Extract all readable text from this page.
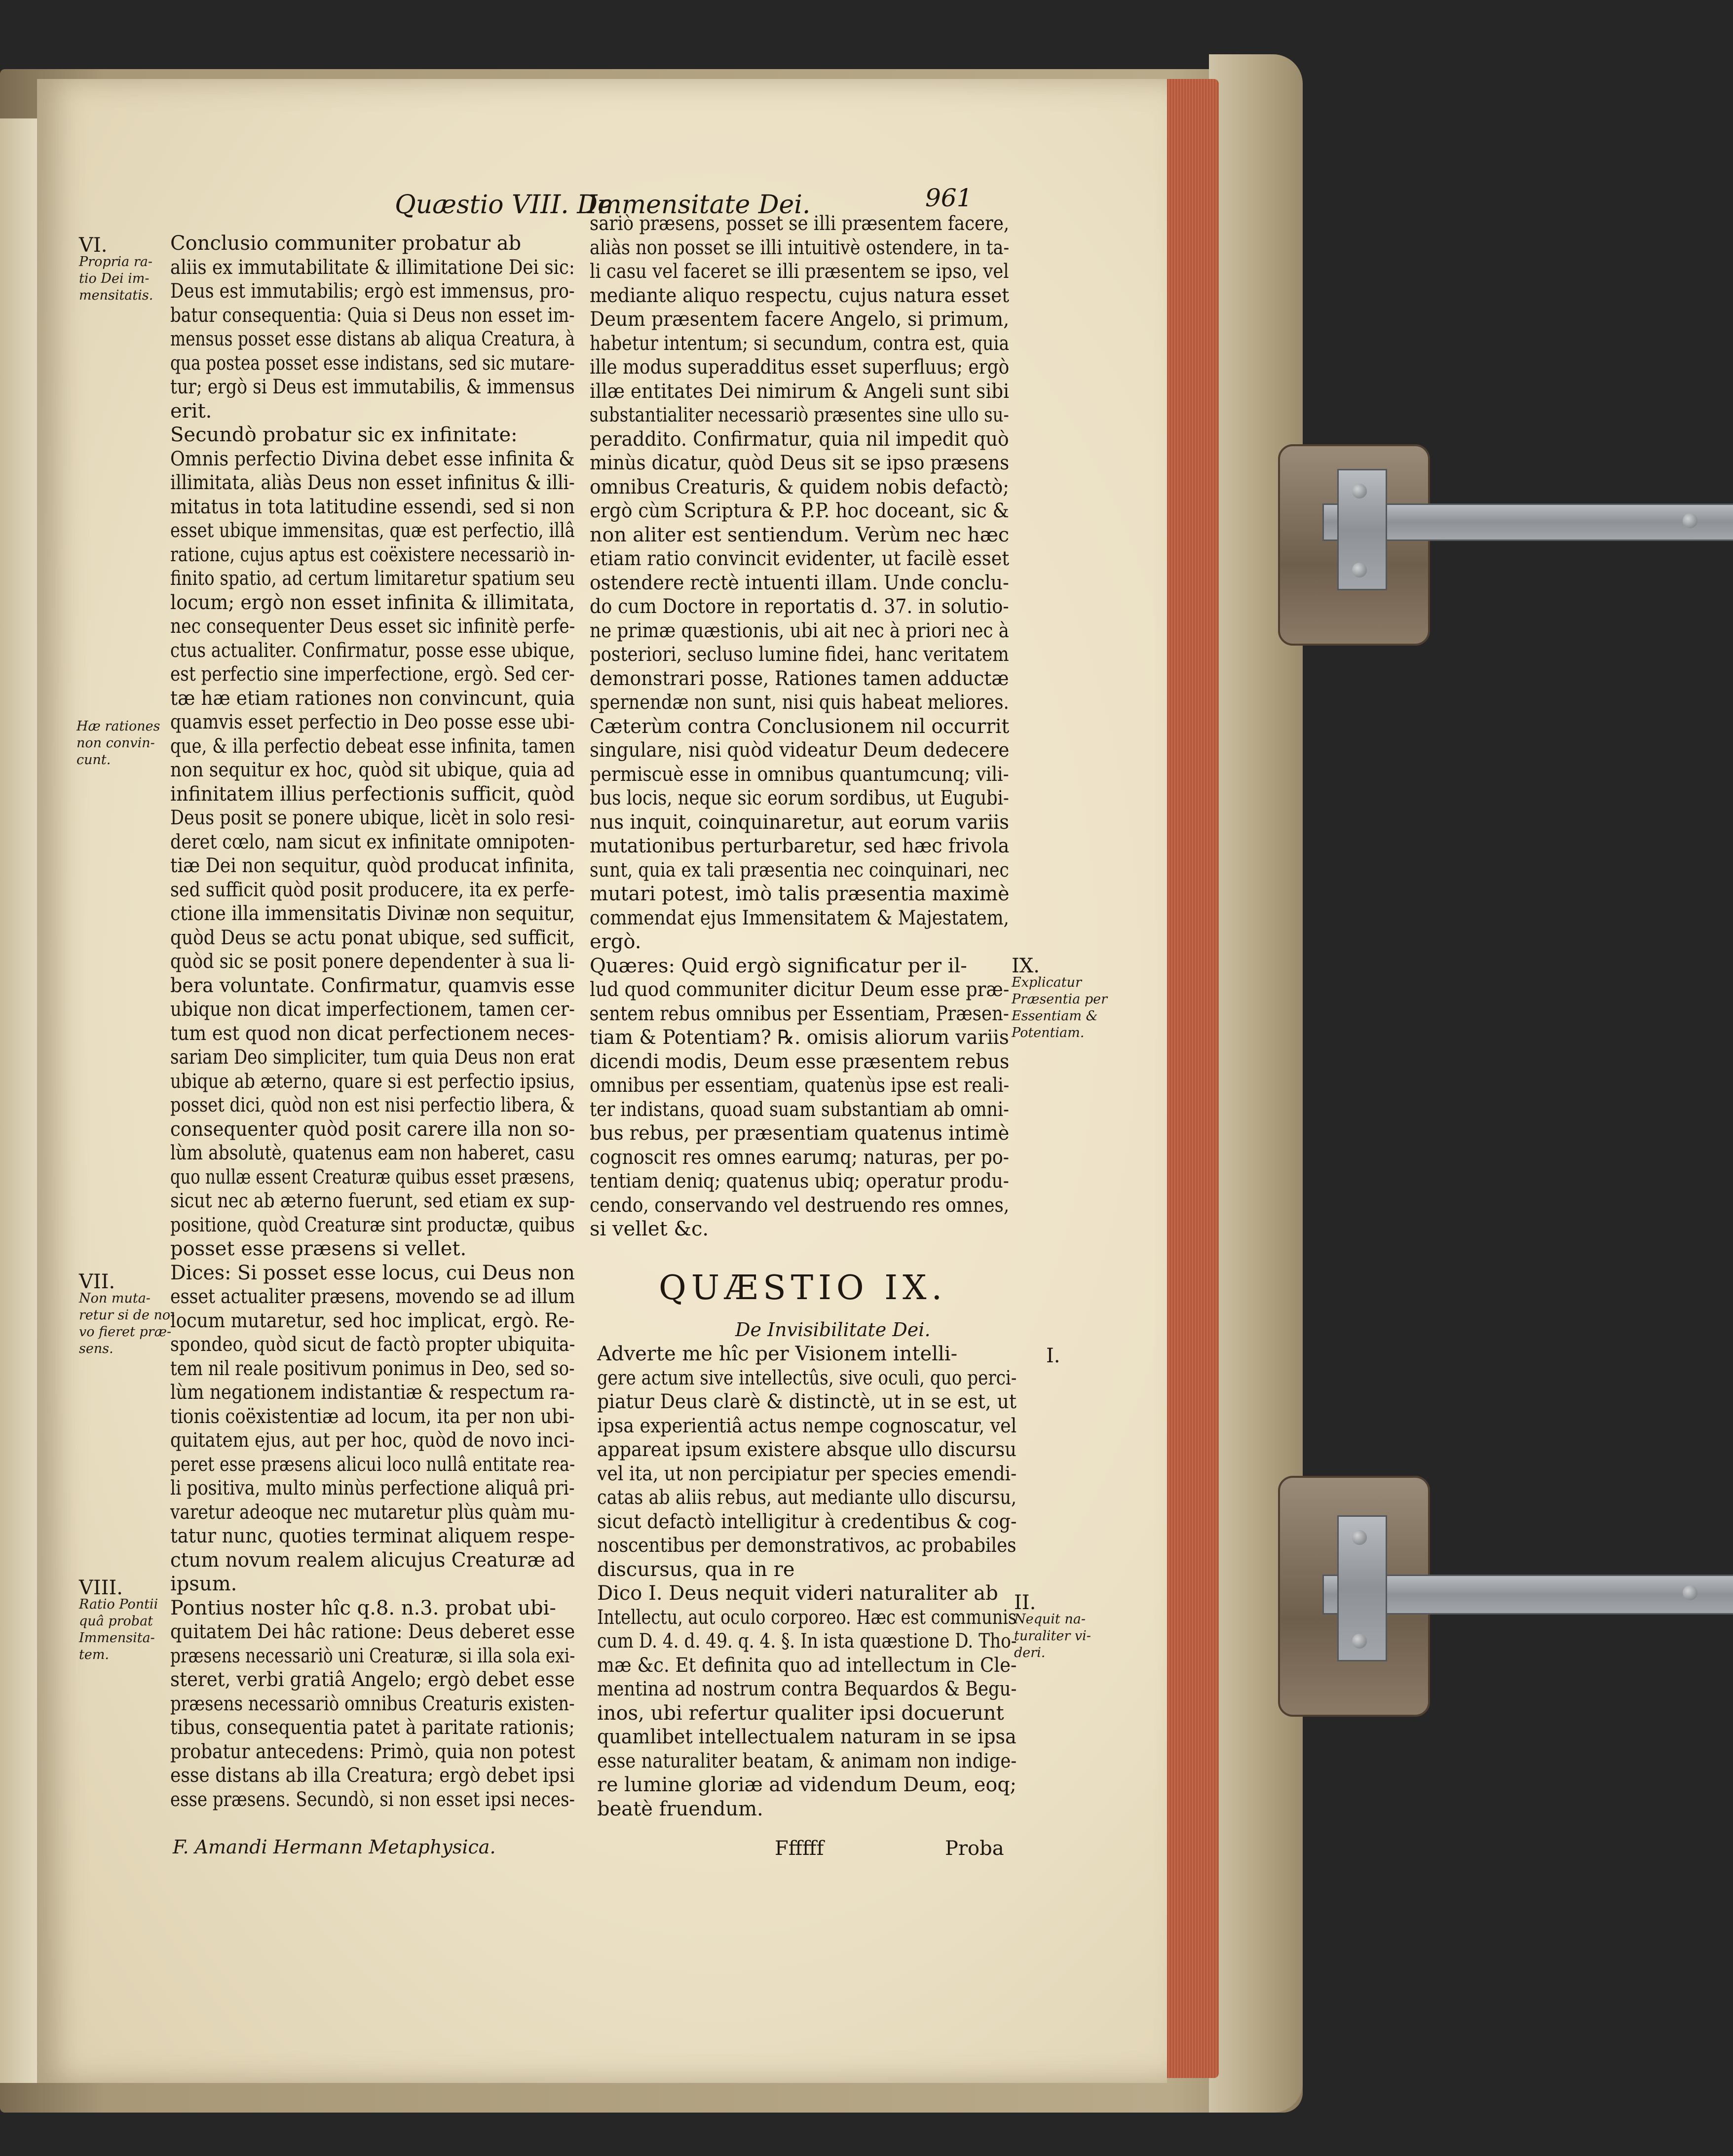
Quæstio VIII. De
Immensitate Dei.	961
Conclusio communiter probatur ab
aliis ex immutabilitate & illimitatione Dei sic:
Deus est immutabilis; ergò est immensus, pro-
batur consequentia: Quia si Deus non esset im-
mensus posset esse distans ab aliqua Creatura, à
qua postea posset esse indistans, sed sic mutare-
tur; ergò si Deus est immutabilis, & immensus
erit.
Secundò probatur sic ex infinitate:
Omnis perfectio Divina debet esse infinita &
illimitata, aliàs Deus non esset infinitus & illi-
mitatus in tota latitudine essendi, sed si non
esset ubique immensitas, quæ est perfectio, illâ
ratione, cujus aptus est coëxistere necessariò in-
finito spatio, ad certum limitaretur spatium seu
locum; ergò non esset infinita & illimitata,
nec consequenter Deus esset sic infinitè perfe-
ctus actualiter. Confirmatur, posse esse ubique,
est perfectio sine imperfectione, ergò. Sed cer-
tæ hæ etiam rationes non convincunt, quia
quamvis esset perfectio in Deo posse esse ubi-
que, & illa perfectio debeat esse infinita, tamen
non sequitur ex hoc, quòd sit ubique, quia ad
infinitatem illius perfectionis sufficit, quòd
Deus posit se ponere ubique, licèt in solo resi-
deret cœlo, nam sicut ex infinitate omnipoten-
tiæ Dei non sequitur, quòd producat infinita,
sed sufficit quòd posit producere, ita ex perfe-
ctione illa immensitatis Divinæ non sequitur,
quòd Deus se actu ponat ubique, sed sufficit,
quòd sic se posit ponere dependenter à sua li-
bera voluntate. Confirmatur, quamvis esse
ubique non dicat imperfectionem, tamen cer-
tum est quod non dicat perfectionem neces-
sariam Deo simpliciter, tum quia Deus non erat
ubique ab æterno, quare si est perfectio ipsius,
posset dici, quòd non est nisi perfectio libera, &
consequenter quòd posit carere illa non so-
lùm absolutè, quatenus eam non haberet, casu
quo nullæ essent Creaturæ quibus esset præsens,
sicut nec ab æterno fuerunt, sed etiam ex sup-
positione, quòd Creaturæ sint productæ, quibus
posset esse præsens si vellet.
Dices: Si posset esse locus, cui Deus non
esset actualiter præsens, movendo se ad illum
locum mutaretur, sed hoc implicat, ergò. Re-
spondeo, quòd sicut de factò propter ubiquita-
tem nil reale positivum ponimus in Deo, sed so-
lùm negationem indistantiæ & respectum ra-
tionis coëxistentiæ ad locum, ita per non ubi-
quitatem ejus, aut per hoc, quòd de novo inci-
peret esse præsens alicui loco nullâ entitate rea-
li positiva, multo minùs perfectione aliquâ pri-
varetur adeoque nec mutaretur plùs quàm mu-
tatur nunc, quoties terminat aliquem respe-
ctum novum realem alicujus Creaturæ ad
ipsum.
Pontius noster hîc q.8. n.3. probat ubi-
quitatem Dei hâc ratione: Deus deberet esse
præsens necessariò uni Creaturæ, si illa sola exi-
steret, verbi gratiâ Angelo; ergò debet esse
præsens necessariò omnibus Creaturis existen-
tibus, consequentia patet à paritate rationis;
probatur antecedens: Primò, quia non potest
esse distans ab illa Creatura; ergò debet ipsi
esse præsens. Secundò, si non esset ipsi neces-
sariò præsens, posset se illi præsentem facere,
aliàs non posset se illi intuitivè ostendere, in ta-
li casu vel faceret se illi præsentem se ipso, vel
mediante aliquo respectu, cujus natura esset
Deum præsentem facere Angelo, si primum,
habetur intentum; si secundum, contra est, quia
ille modus superadditus esset superfluus; ergò
illæ entitates Dei nimirum & Angeli sunt sibi
substantialiter necessariò præsentes sine ullo su-
peraddito. Confirmatur, quia nil impedit quò
minùs dicatur, quòd Deus sit se ipso præsens
omnibus Creaturis, & quidem nobis defactò;
ergò cùm Scriptura & P.P. hoc doceant, sic &
non aliter est sentiendum. Verùm nec hæc
etiam ratio convincit evidenter, ut facilè esset
ostendere rectè intuenti illam. Unde conclu-
do cum Doctore in reportatis d. 37. in solutio-
ne primæ quæstionis, ubi ait nec à priori nec à
posteriori, secluso lumine fidei, hanc veritatem
demonstrari posse, Rationes tamen adductæ
spernendæ non sunt, nisi quis habeat meliores.
Cæterùm contra Conclusionem nil occurrit
singulare, nisi quòd videatur Deum dedecere
permiscuè esse in omnibus quantumcunq; vili-
bus locis, neque sic eorum sordibus, ut Eugubi-
nus inquit, coinquinaretur, aut eorum variis
mutationibus perturbaretur, sed hæc frivola
sunt, quia ex tali præsentia nec coinquinari, nec
mutari potest, imò talis præsentia maximè
commendat ejus Immensitatem & Majestatem,
ergò.
Quæres: Quid ergò significatur per il-
lud quod communiter dicitur Deum esse præ-
sentem rebus omnibus per Essentiam, Præsen-
tiam & Potentiam? ℞. omisis aliorum variis
dicendi modis, Deum esse præsentem rebus
omnibus per essentiam, quatenùs ipse est reali-
ter indistans, quoad suam substantiam ab omni-
bus rebus, per præsentiam quatenus intimè
cognoscit res omnes earumq; naturas, per po-
tentiam deniq; quatenus ubiq; operatur produ-
cendo, conservando vel destruendo res omnes,
si vellet &c.
QUÆSTIO IX.
De Invisibilitate Dei.
Adverte me hîc per Visionem intelli-
gere actum sive intellectûs, sive oculi, quo perci-
piatur Deus clarè & distinctè, ut in se est, ut
ipsa experientiâ actus nempe cognoscatur, vel
appareat ipsum existere absque ullo discursu
vel ita, ut non percipiatur per species emendi-
catas ab aliis rebus, aut mediante ullo discursu,
sicut defactò intelligitur à credentibus & cog-
noscentibus per demonstrativos, ac probabiles
discursus, qua in re
Dico I. Deus nequit videri naturaliter ab
Intellectu, aut oculo corporeo. Hæc est communis
cum D. 4. d. 49. q. 4. §. In ista quæstione D. Tho-
mæ &c. Et definita quo ad intellectum in Cle-
mentina ad nostrum contra Bequardos & Begu-
inos, ubi refertur qualiter ipsi docuerunt
quamlibet intellectualem naturam in se ipsa
esse naturaliter beatam, & animam non indige-
re lumine gloriæ ad videndum Deum, eoq;
beatè fruendum.
VI.
Propria ra-
tio Dei im-
mensitatis.
Hæ rationes
non convin-
cunt.
VII.
Non muta-
retur si de no-
vo fieret præ-
sens.
VIII.
Ratio Pontii
quâ probat
Immensita-
tem.
IX.
Explicatur
Præsentia per
Essentiam &
Potentiam.
I.
II.
Nequit na-
turaliter vi-
deri.
F. Amandi Hermann Metaphysica.	Ffffff	Proba
